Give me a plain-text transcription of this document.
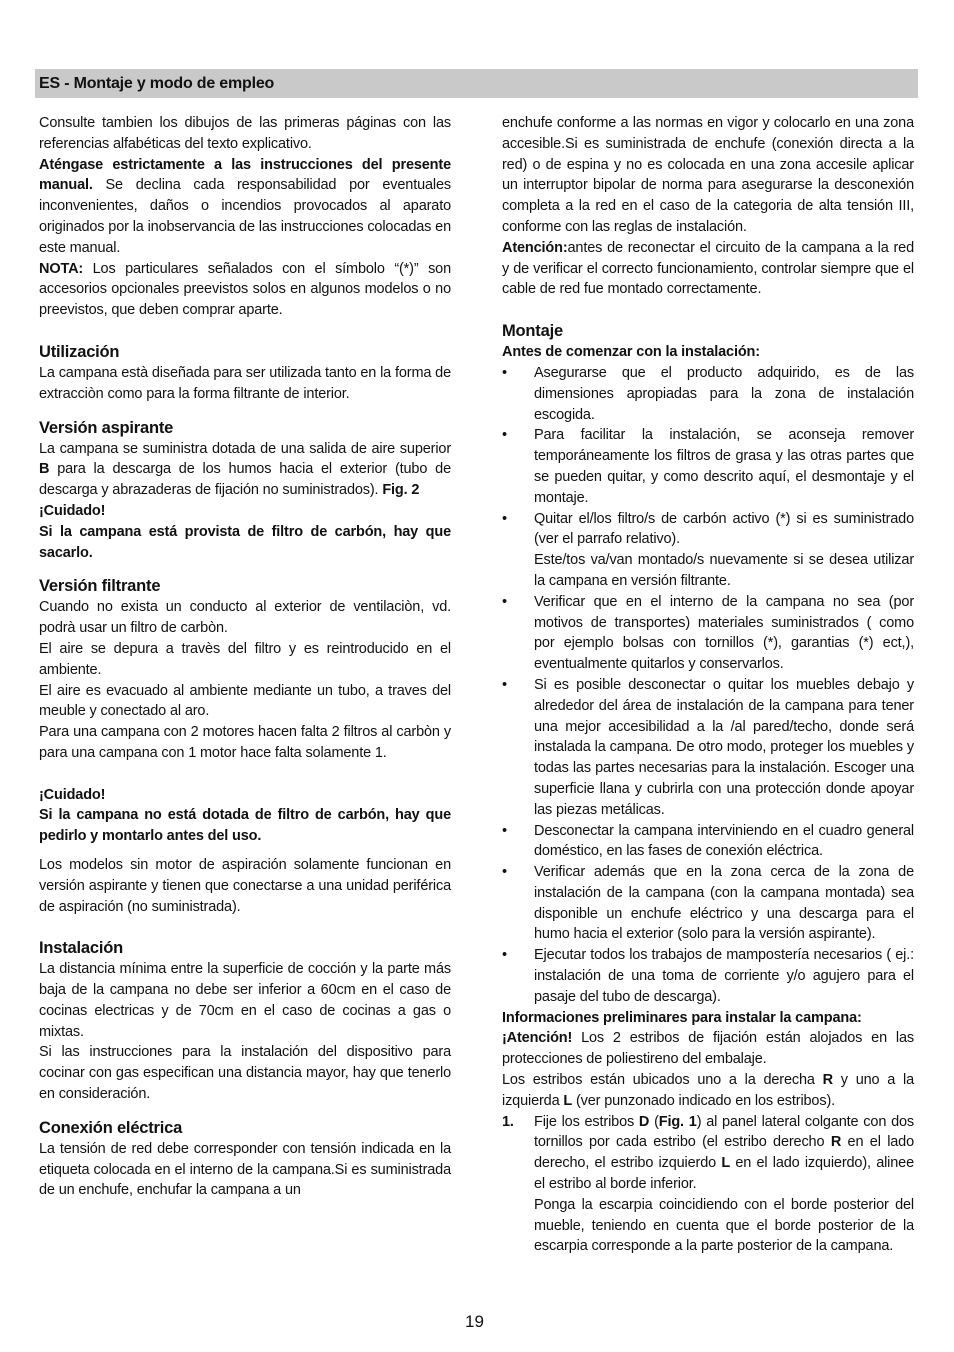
ES - Montaje y modo de empleo

Consulte tambien los dibujos de las primeras páginas con las referencias alfabéticas del texto explicativo.

Aténgase estrictamente a las instrucciones del presente manual. Se declina cada responsabilidad por eventuales inconvenientes, daños o incendios provocados al aparato originados por la inobservancia de las instrucciones colocadas en este manual.

NOTA: Los particulares señalados con el símbolo “(*)” son accesorios opcionales preevistos solos en algunos modelos o no preevistos, que deben comprar aparte.

Utilización

La campana està diseñada para ser utilizada tanto en la forma de extracciòn como para la forma filtrante de interior.

Versión aspirante

La campana se suministra dotada de una salida de aire superior B para la descarga de los humos hacia el exterior (tubo de descarga y abrazaderas de fijación no suministrados). Fig. 2

¡Cuidado!

Si la campana está provista de filtro de carbón, hay que sacarlo.

Versión filtrante

Cuando no exista un conducto al exterior de ventilaciòn, vd. podrà usar un filtro de carbòn.

El aire se depura a travès del filtro y es reintroducido en el ambiente.

El aire es evacuado al ambiente mediante un tubo, a traves del meuble y conectado al aro.

Para una campana con 2 motores hacen falta 2 filtros al carbòn y para una campana con 1 motor hace falta solamente 1.

¡Cuidado!

Si la campana no está dotada de filtro de carbón, hay que pedirlo y montarlo antes del uso.

Los modelos sin motor de aspiración solamente funcionan en versión aspirante y tienen que conectarse a una unidad periférica de aspiración (no suministrada).

Instalación

La distancia mínima entre la superficie de cocción y la parte más baja de la campana no debe ser inferior a 60cm en el caso de cocinas electricas y de 70cm en el caso de cocinas a gas o mixtas.

Si las instrucciones para la instalación del dispositivo para cocinar con gas especifican una distancia mayor, hay que tenerlo en consideración.

Conexión eléctrica

La tensión de red debe corresponder con tensión indicada en la etiqueta colocada en el interno de la campana.Si es suministrada de un enchufe, enchufar la campana a un

enchufe conforme a las normas en vigor y colocarlo en una zona accesible.Si es suministrada de enchufe (conexión directa a la red) o de espina y no es colocada en una zona accesile aplicar un interruptor bipolar de norma para asegurarse la desconexión completa a la red en el caso de la categoria de alta tensión III, conforme con las reglas de instalación.

Atención:antes de reconectar el circuito de la campana a la red y de verificar el correcto funcionamiento, controlar siempre que el cable de red fue montado correctamente.

Montaje

Antes de comenzar con la instalación:

• Asegurarse que el producto adquirido, es de las dimensiones apropiadas para la zona de instalación escogida.
• Para facilitar la instalación, se aconseja remover temporáneamente los filtros de grasa y las otras partes que se pueden quitar, y como descrito aquí, el desmontaje y el montaje.
• Quitar el/los filtro/s de carbón activo (*) si es suministrado (ver el parrafo relativo).
Este/tos va/van montado/s nuevamente si se desea utilizar la campana en versión filtrante.
• Verificar que en el interno de la campana no sea (por motivos de transportes) materiales suministrados ( como por ejemplo bolsas con tornillos (*), garantias (*) ect,), eventualmente quitarlos y conservarlos.
• Si es posible desconectar o quitar los muebles debajo y alrededor del área de instalación de la campana para tener una mejor accesibilidad a la /al pared/techo, donde será instalada la campana. De otro modo, proteger los muebles y todas las partes necesarias para la instalación. Escoger una superficie llana y cubrirla con una protección donde apoyar las piezas metálicas.
• Desconectar la campana interviniendo en el cuadro general doméstico, en las fases de conexión eléctrica.
• Verificar además que en la zona cerca de la zona de instalación de la campana (con la campana montada) sea disponible un enchufe eléctrico y una descarga para el humo hacia el exterior (solo para la versión aspirante).
• Ejecutar todos los trabajos de mampostería necesarios ( ej.: instalación de una toma de corriente y/o agujero para el pasaje del tubo de descarga).

Informaciones preliminares para instalar la campana:

¡Atención! Los 2 estribos de fijación están alojados en las protecciones de poliestireno del embalaje.

Los estribos están ubicados uno a la derecha R y uno a la izquierda L (ver punzonado indicado en los estribos).

1. Fije los estribos D (Fig. 1) al panel lateral colgante con dos tornillos por cada estribo (el estribo derecho R en el lado derecho, el estribo izquierdo L en el lado izquierdo), alinee el estribo al borde inferior.
Ponga la escarpia coincidiendo con el borde posterior del mueble, teniendo en cuenta que el borde posterior de la escarpia corresponde a la parte posterior de la campana.
19
